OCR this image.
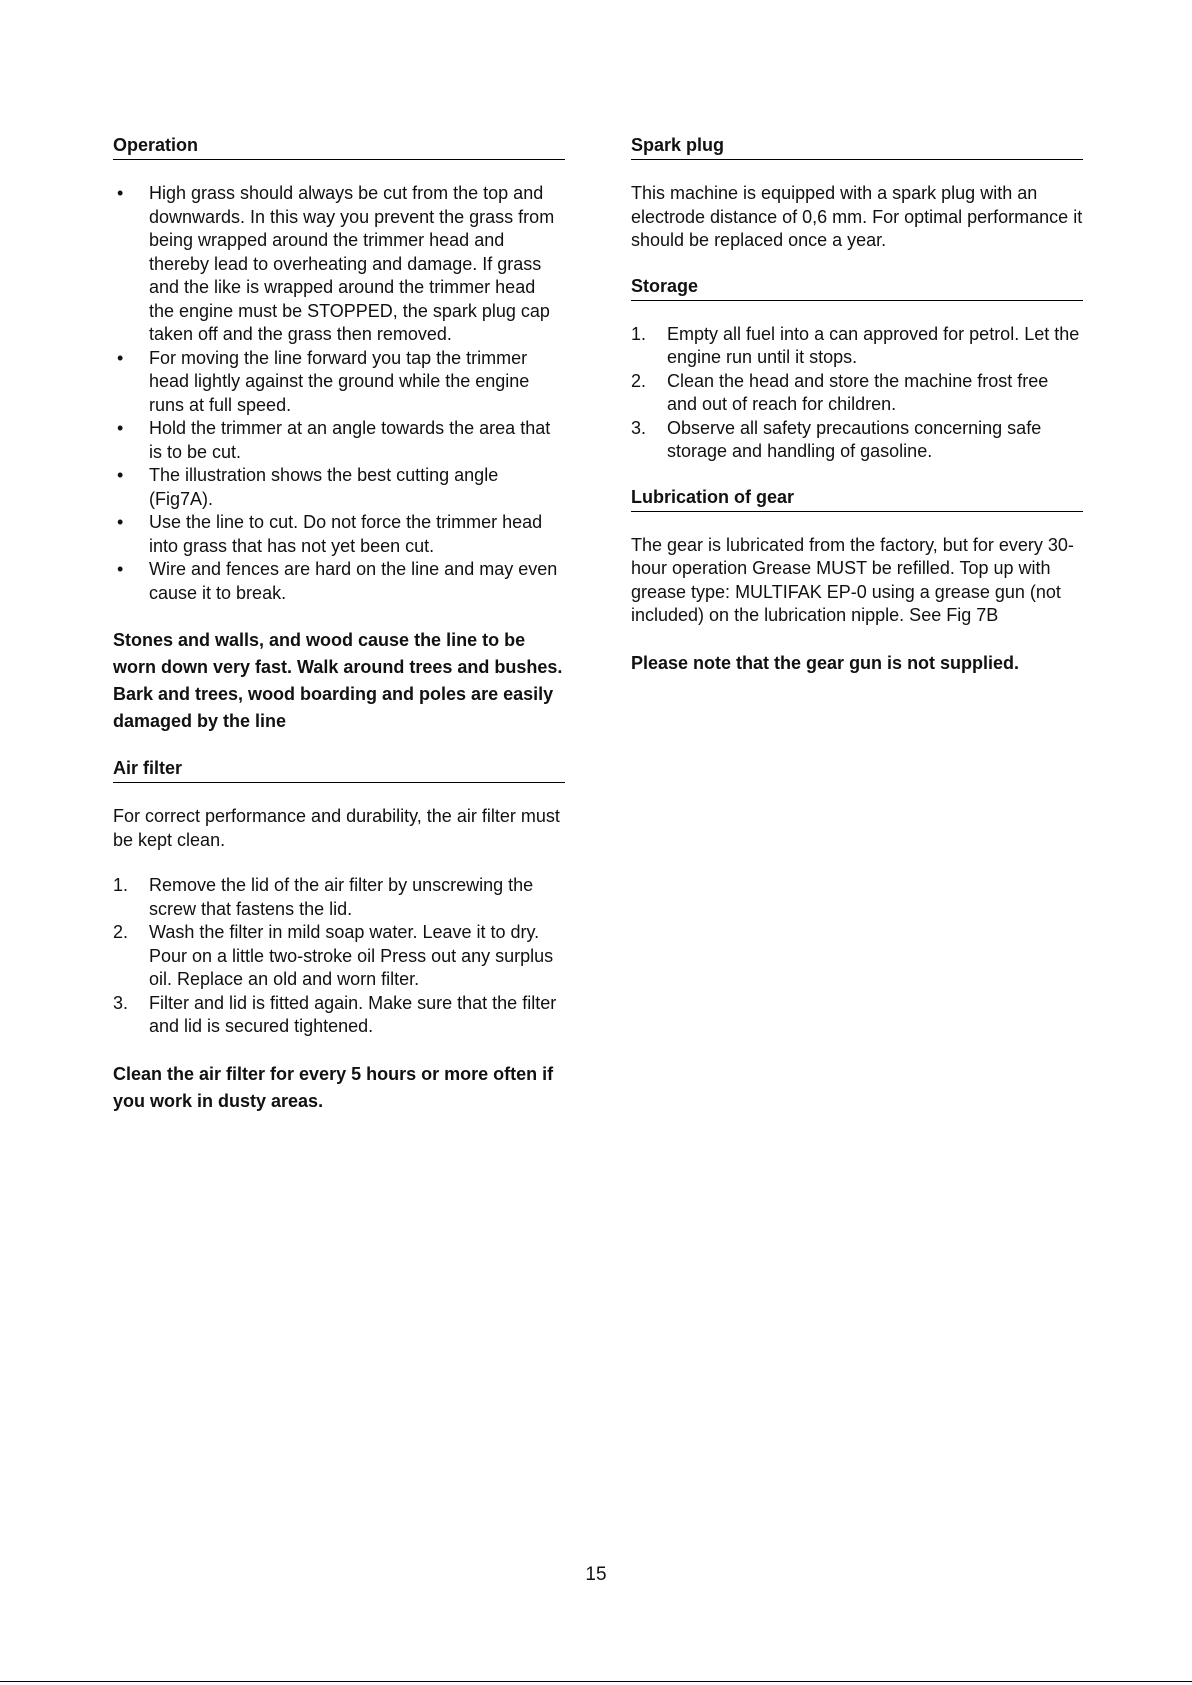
Operation
•	High grass should always be cut from the top and downwards. In this way you prevent the grass from being wrapped around the trimmer head and thereby lead to overheating and damage. If grass and the like is wrapped around the trimmer head the engine must be STOPPED, the spark plug cap taken off and the grass then removed.
•	For moving the line forward you tap the trimmer head lightly against the ground while the engine runs at full speed.
•	Hold the trimmer at an angle towards the area that is to be cut.
•	The illustration shows the best cutting angle (Fig7A).
•	Use the line to cut. Do not force the trimmer head into grass that has not yet been cut.
•	Wire and fences are hard on the line and may even cause it to break.

Stones and walls, and wood cause the line to be worn down very fast. Walk around trees and bushes. Bark and trees, wood boarding and poles are easily damaged by the line

Air filter

For correct performance and durability, the air filter must be kept clean.

1.	Remove the lid of the air filter by unscrewing the screw that fastens the lid.
2.	Wash the filter in mild soap water. Leave it to dry. Pour on a little two-stroke oil Press out any surplus oil. Replace an old and worn filter.
3.	Filter and lid is fitted again. Make sure that the filter and lid is secured tightened.

Clean the air filter for every 5 hours or more often if you work in dusty areas.

Spark plug

This machine is equipped with a spark plug with an electrode distance of 0,6 mm. For optimal performance it should be replaced once a year.

Storage
1.	Empty all fuel into a can approved for petrol. Let the engine run until it stops.
2.	Clean the head and store the machine frost free and out of reach for children.
3.	Observe all safety precautions concerning safe storage and handling of gasoline.
Lubrication of gear

The gear is lubricated from the factory, but for every 30-hour operation Grease MUST be refilled. Top up with grease type: MULTIFAK EP-0 using a grease gun (not included) on the lubrication nipple. See Fig 7B

Please note that the gear gun is not supplied.

15
